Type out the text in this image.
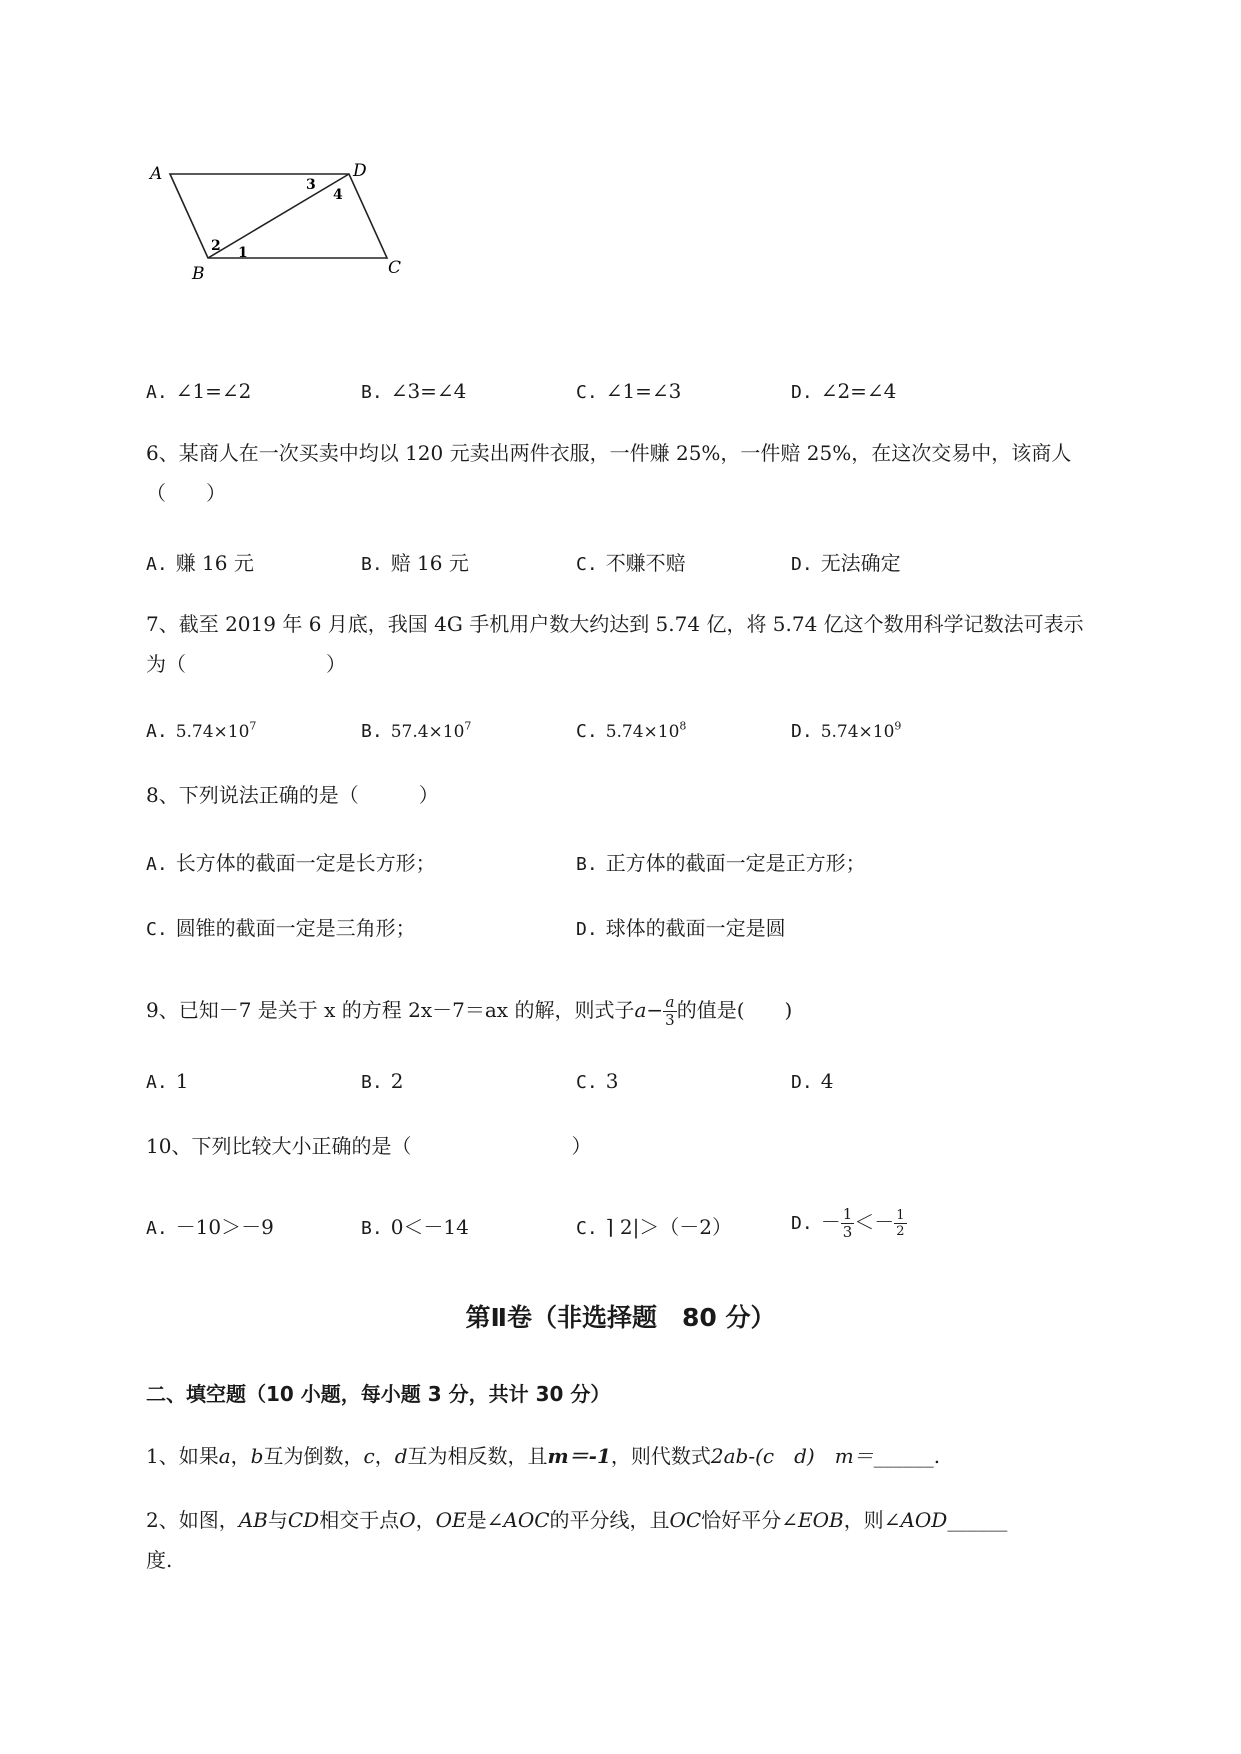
A	D
B	C
3
4
2 1
A. ∠1=∠2	B. ∠3=∠4	C. ∠1=∠3	D. ∠2=∠4
6、某商人在一次买卖中均以 120 元卖出两件衣服，一件赚 25%，一件赔 25%，在这次交易中，该商人
（　　）
A. 赚 16 元	B. 赔 16 元	C. 不赚不赔	D. 无法确定
7、截至 2019 年 6 月底，我国 4G 手机用户数大约达到 5.74 亿，将 5.74 亿这个数用科学记数法可表示
为（　　　　　　　）
A. $5.74\times 10^7$	B. $57.4\times 10^7$	C. $5.74\times 10^8$	D. $5.74\times 10^9$
8、下列说法正确的是（　　　）
A. 长方体的截面一定是长方形；	B. 正方体的截面一定是正方形；
C. 圆锥的截面一定是三角形；	D. 球体的截面一定是圆
9、已知－7 是关于 x 的方程 2x－7＝ax 的解，则式子$a- \frac{a}{3}$ 的值是(　　)
A. 1	B. 2	C. 3	D. 4
10、下列比较大小正确的是（　　　　　　　　）
A. －10＞－9	B. 0＜－14	C. ⌉ 2|＞（－2）	D. － $\frac{1}{3} <- \frac{1}{2}$
第Ⅱ卷（非选择题　80 分）
二、填空题（10 小题，每小题 3 分，共计 30 分）
1、如果a，b互为倒数，c，d互为相反数，且m＝-1，则代数式2ab-(c　d)　m＝______.
2、如图，AB与CD相交于点O，OE是∠AOC的平分线，且OC恰好平分∠EOB，则∠AOD______
度.
